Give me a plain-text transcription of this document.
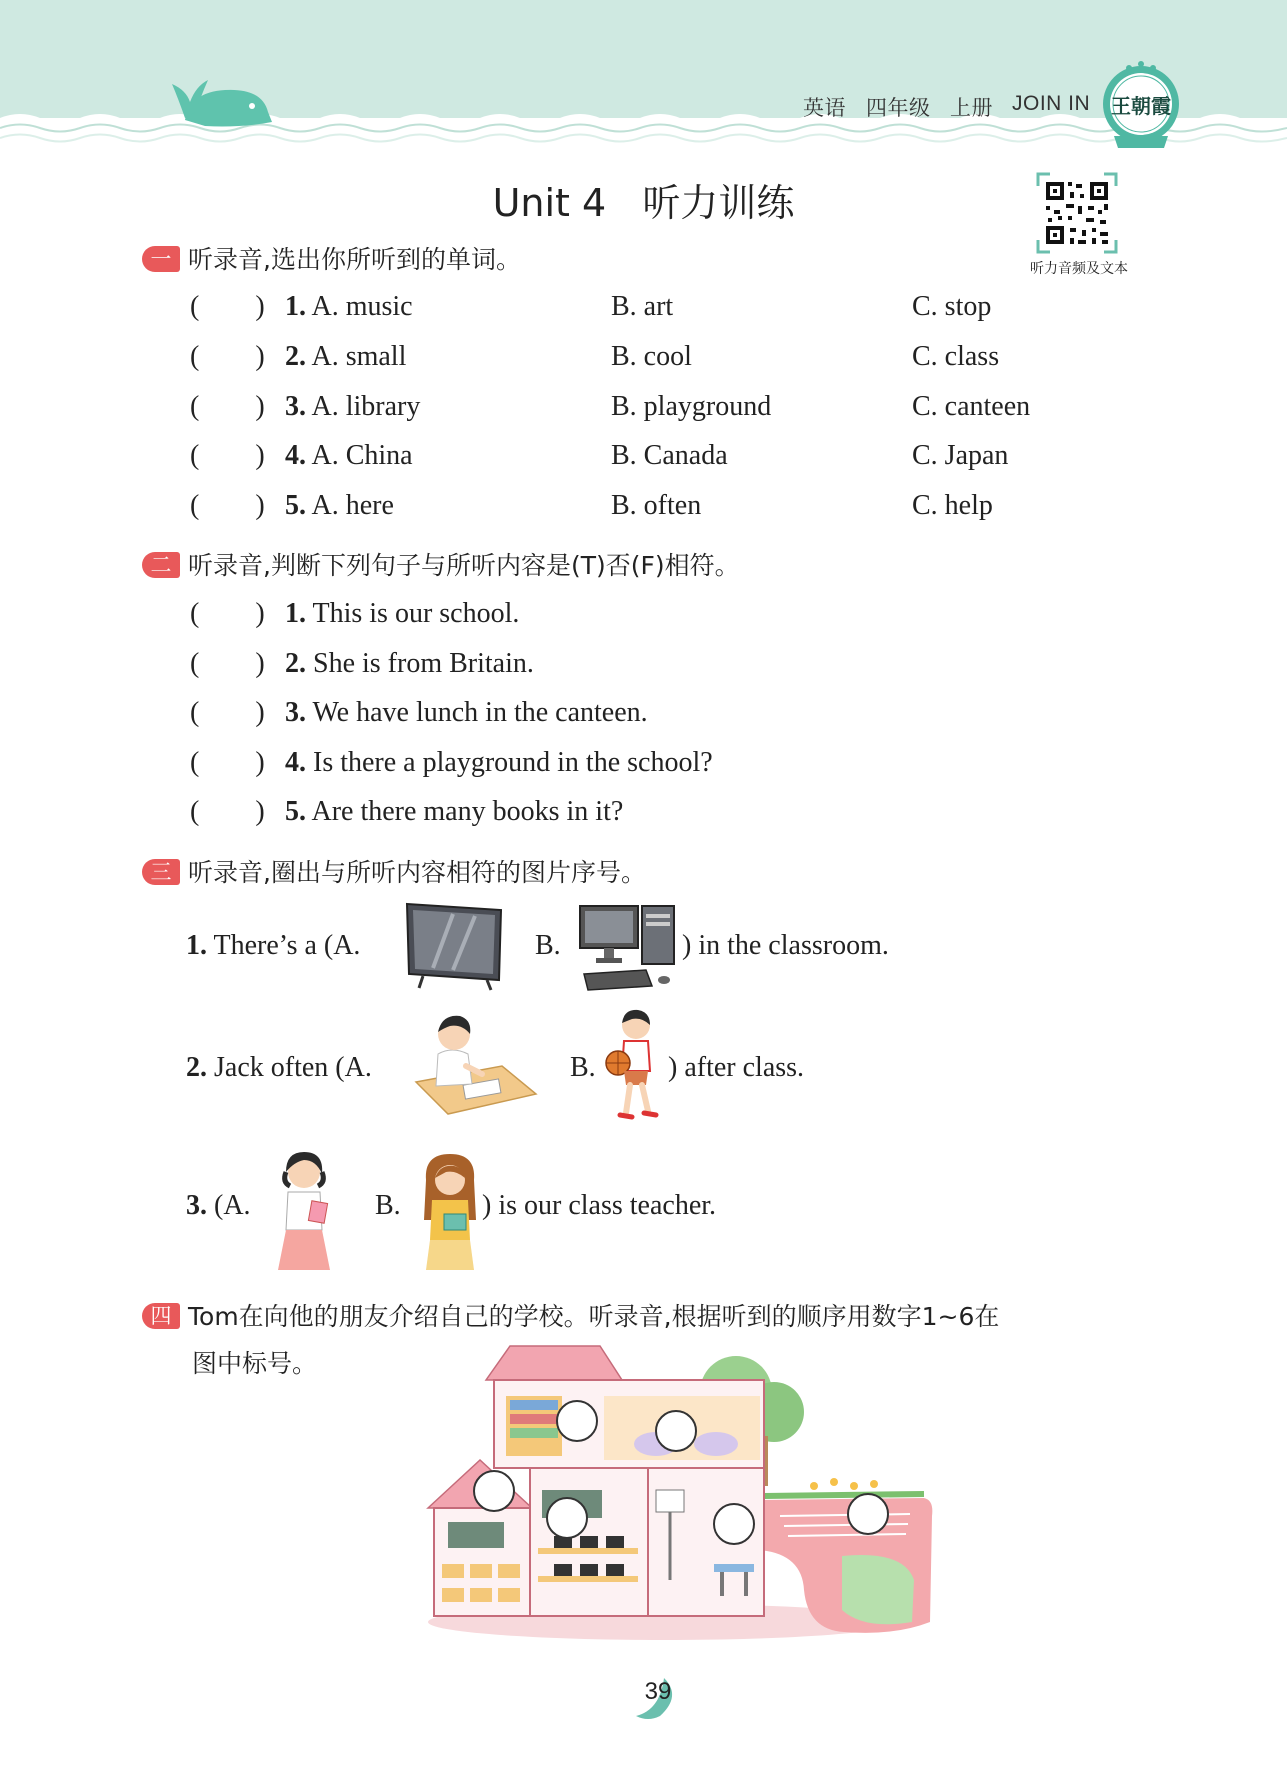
英语 四年级 上册 JOIN IN 王朝霞
Unit 4   听力训练
听力音频及文本
一 听录音,选出你所听到的单词。
(        ) 1. A. music	B. art	C. stop
(        ) 2. A. small	B. cool	C. class
(        ) 3. A. library	B. playground	C. canteen
(        ) 4. A. China	B. Canada	C. Japan
(        ) 5. A. here	B. often	C. help
二 听录音,判断下列句子与所听内容是(T)否(F)相符。
(        ) 1. This is our school.
(        ) 2. She is from Britain.
(        ) 3. We have lunch in the canteen.
(        ) 4. Is there a playground in the school?
(        ) 5. Are there many books in it?
三 听录音,圈出与所听内容相符的图片序号。
1. There’s a (A.	B.	) in the classroom.
2. Jack often (A.	B.	) after class.
3. (A.	B.	) is our class teacher.
四 Tom在向他的朋友介绍自己的学校。听录音,根据听到的顺序用数字1~6在
图中标号。
39
